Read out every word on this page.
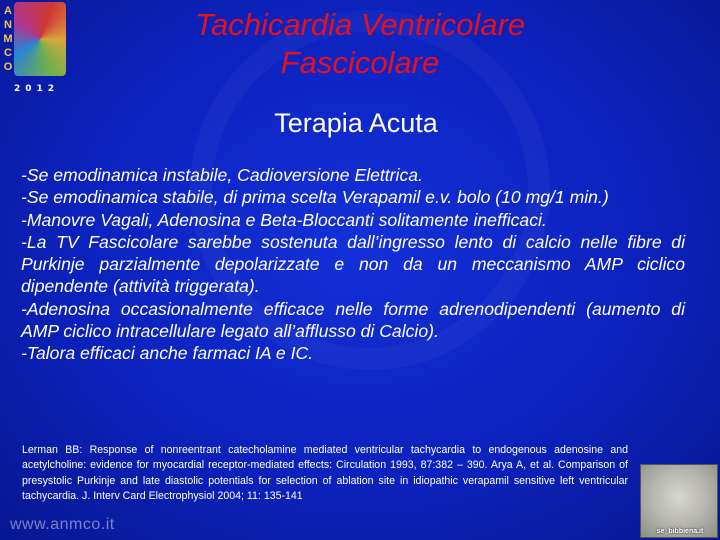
A
N
M
C
O
2012
Tachicardia Ventricolare
Fascicolare
Terapia Acuta

-Se emodinamica instabile, Cadioversione Elettrica.

-Se emodinamica stabile, di prima scelta Verapamil e.v. bolo (10 mg/1 min.)

-Manovre Vagali, Adenosina e Beta-Bloccanti solitamente inefficaci.

-La TV Fascicolare sarebbe sostenuta dall’ingresso lento di calcio nelle fibre di Purkinje parzialmente depolarizzate e non da un meccanismo AMP ciclico dipendente (attività triggerata).

-Adenosina occasionalmente efficace nelle forme adrenodipendenti (aumento di AMP ciclico intracellulare legato all’afflusso di Calcio).

-Talora efficaci anche farmaci IA e IC.

Lerman BB: Response of nonreentrant catecholamine mediated ventricular tachycardia to endogenous adenosine and acetylcholine: evidence for myocardial receptor-mediated effects: Circulation 1993, 87:382 – 390. Arya A, et al. Comparison of presystolic Purkinje and late diastolic potentials for selection of ablation site in idiopathic verapamil sensitive left ventricular tachycardia. J. Interv Card Electrophysiol 2004; 11: 135-141
www.anmco.it	se_bibbiena.it
